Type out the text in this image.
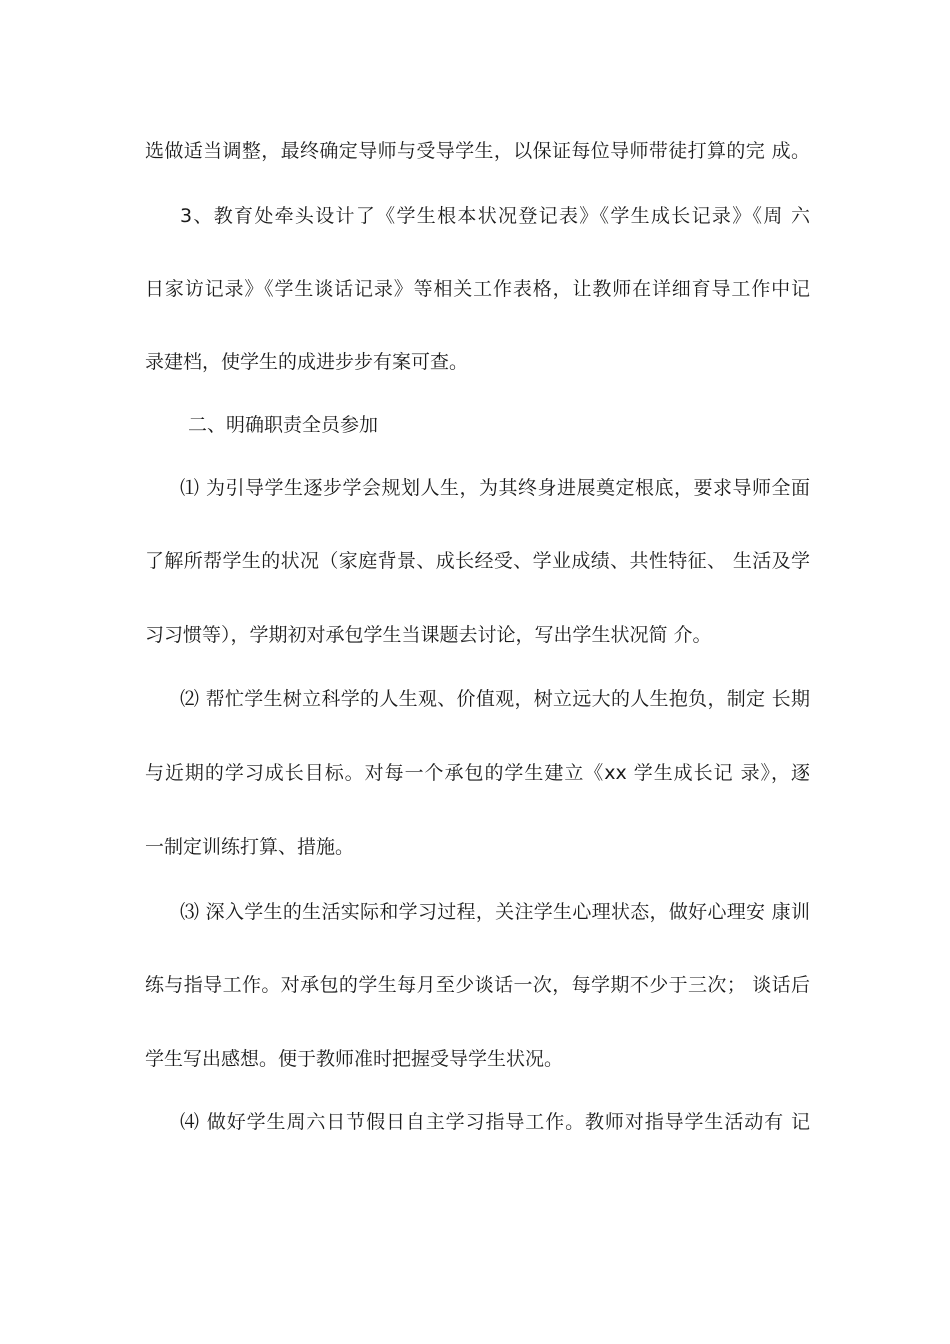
选做适当调整，最终确定导师与受导学生，以保证每位导师带徒打算的完 成。
3、教育处牵头设计了《学生根本状况登记表》《学生成长记录》《周 六
日家访记录》《学生谈话记录》等相关工作表格，让教师在详细育导工作中记
录建档，使学生的成进步步有案可查。
二、明确职责全员参加
⑴ 为引导学生逐步学会规划人生，为其终身进展奠定根底，要求导师全面
了解所帮学生的状况（家庭背景、成长经受、学业成绩、共性特征、 生活及学
习习惯等），学期初对承包学生当课题去讨论，写出学生状况简 介。
⑵ 帮忙学生树立科学的人生观、价值观，树立远大的人生抱负，制定 长期
与近期的学习成长目标。对每一个承包的学生建立《xx 学生成长记 录》，逐
一制定训练打算、措施。
⑶ 深入学生的生活实际和学习过程，关注学生心理状态，做好心理安 康训
练与指导工作。对承包的学生每月至少谈话一次，每学期不少于三次； 谈话后
学生写出感想。便于教师准时把握受导学生状况。
⑷ 做好学生周六日节假日自主学习指导工作。教师对指导学生活动有 记
